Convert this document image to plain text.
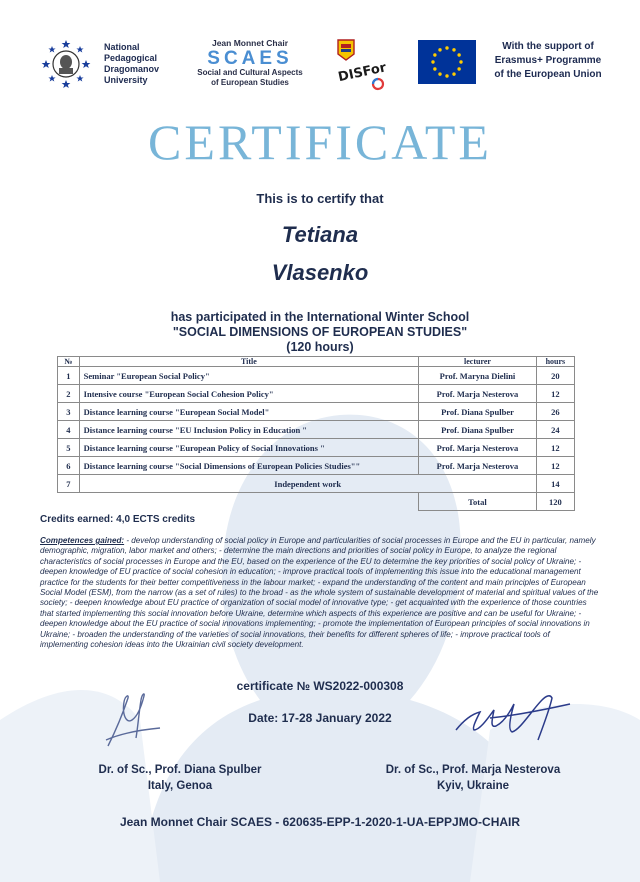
National
Pedagogical
Dragomanov
University
Jean Monnet Chair
SCAES
Social and Cultural Aspects
of European Studies	DISFor
With the support of
Erasmus+ Programme
of the European Union
CERTIFICATE
This is to certify that
Tetiana
Vlasenko
has participated in the International Winter School
"SOCIAL DIMENSIONS OF EUROPEAN STUDIES"
(120 hours)
№	Title	lecturer	hours
1	Seminar "European Social Policy"	Prof. Maryna Dielini	20
2	Intensive course "European Social Cohesion Policy"	Prof. Marja Nesterova	12
3	Distance learning course "European Social Model"	Prof. Diana Spulber	26
4	Distance learning course "EU Inclusion Policy in Education "	Prof. Diana Spulber	24
5	Distance learning course "European Policy of Social Innovations "	Prof. Marja Nesterova	12
6	Distance learning course "Social Dimensions of European Policies Studies""	Prof. Marja Nesterova	12
7	Independent work		14
		Total	120
Credits earned: 4,0 ECTS credits
Competences gained: - develop understanding of social policy in Europe and particularities of social processes in Europe and the EU in particular, namely demographic, migration, labor market and others; - determine the main directions and priorities of social policy in Europe, to analyze the regional characteristics of social processes in Europe and the EU, based on the experience of the EU to determine the key priorities of social policy of Ukraine; - deepen knowledge of EU practice of social cohesion in education; - improve practical tools of implementing this issue into the educational management practice for the students for their better competitiveness in the labour market; - expand the understanding of the content and main principles of European Social Model (ESM), from the narrow (as a set of rules) to the broad - as the whole system of sustainable development of material and spiritual values of the society; - deepen knowledge about EU practice of organization of social model of innovative type; - get acquainted with the experience of those countries that started implementing this social innovation before Ukraine, determine which aspects of this experience are positive and can be useful for Ukraine; - deepen knowledge about the EU practice of social innovations implementing; - promote the implementation of European principles of social innovations in Ukraine; - broaden the understanding of the varieties of social innovations, their benefits for different spheres of life; - improve practical tools of implementing cohesion ideas into the Ukrainian civil society development.
certificate № WS2022-000308
Date: 17-28 January 2022
Dr. of Sc., Prof. Diana Spulber
Italy, Genoa
Dr. of Sc., Prof. Marja Nesterova
Kyiv, Ukraine
Jean Monnet Chair SCAES - 620635-EPP-1-2020-1-UA-EPPJMO-CHAIR
